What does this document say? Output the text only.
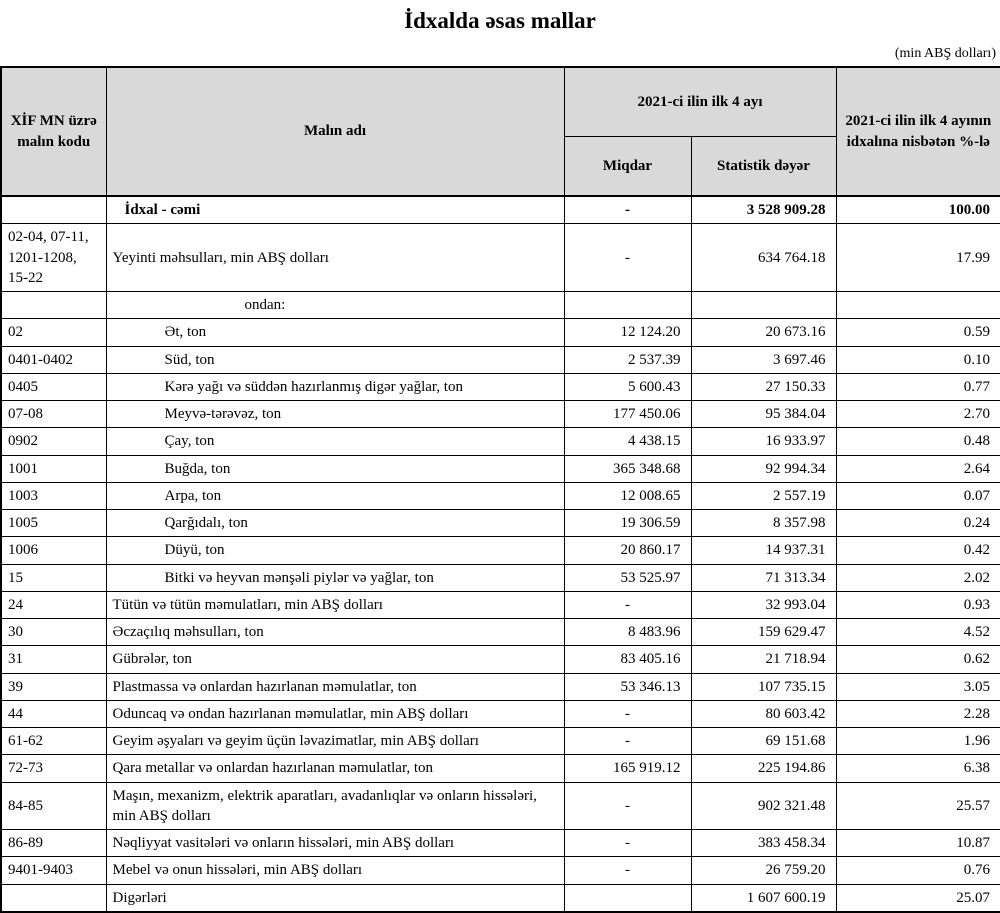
İdxalda əsas mallar
(min ABŞ dolları)
XİF MN üzrə malın kodu	Malın adı	2021-ci ilin ilk 4 ayı		2021-ci ilin ilk 4 ayının idxalına nisbətən %-lə
		Miqdar	Statistik dəyər	
	İdxal - cəmi	-	3 528 909.28	100.00
02-04, 07-11, 1201-1208, 15-22	Yeyinti məhsulları, min ABŞ dolları	-	634 764.18	17.99
	ondan:			
02	Ət, ton	12 124.20	20 673.16	0.59
0401-0402	Süd, ton	2 537.39	3 697.46	0.10
0405	Kərə yağı və süddən hazırlanmış digər yağlar, ton	5 600.43	27 150.33	0.77
07-08	Meyvə-tərəvəz, ton	177 450.06	95 384.04	2.70
0902	Çay, ton	4 438.15	16 933.97	0.48
1001	Buğda, ton	365 348.68	92 994.34	2.64
1003	Arpa, ton	12 008.65	2 557.19	0.07
1005	Qarğıdalı, ton	19 306.59	8 357.98	0.24
1006	Düyü, ton	20 860.17	14 937.31	0.42
15	Bitki və heyvan mənşəli piylər və yağlar, ton	53 525.97	71 313.34	2.02
24	Tütün və tütün məmulatları, min ABŞ dolları	-	32 993.04	0.93
30	Əczaçılıq məhsulları, ton	8 483.96	159 629.47	4.52
31	Gübrələr, ton	83 405.16	21 718.94	0.62
39	Plastmassa və onlardan hazırlanan məmulatlar, ton	53 346.13	107 735.15	3.05
44	Oduncaq və ondan hazırlanan məmulatlar, min ABŞ dolları	-	80 603.42	2.28
61-62	Geyim əşyaları və geyim üçün ləvazimatlar, min ABŞ dolları	-	69 151.68	1.96
72-73	Qara metallar və onlardan hazırlanan məmulatlar, ton	165 919.12	225 194.86	6.38
84-85	Maşın, mexanizm, elektrik aparatları, avadanlıqlar və onların hissələri, min ABŞ dolları	-	902 321.48	25.57
86-89	Nəqliyyat vasitələri və onların hissələri, min ABŞ dolları	-	383 458.34	10.87
9401-9403	Mebel və onun hissələri, min ABŞ dolları	-	26 759.20	0.76
	Digərləri		1 607 600.19	25.07
